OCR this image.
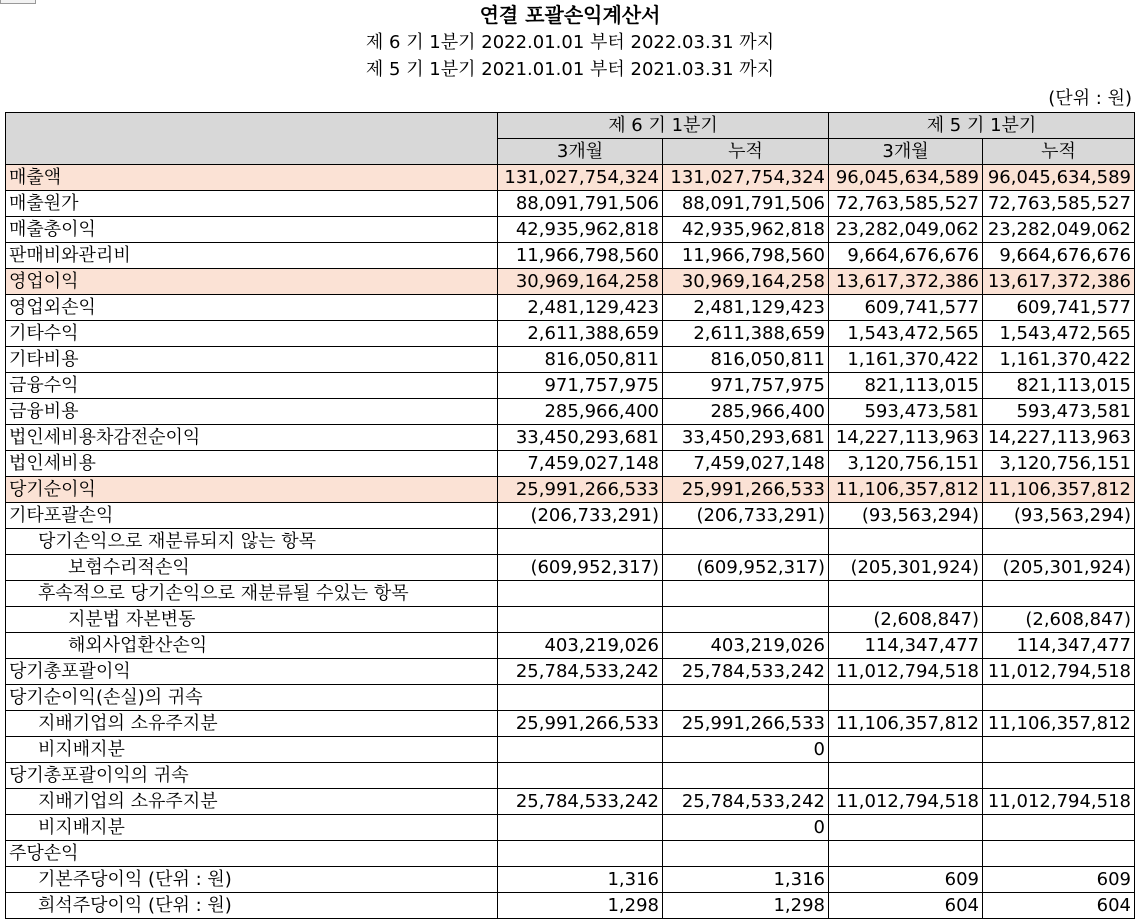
연결 포괄손익계산서
제 6 기 1분기 2022.01.01 부터 2022.03.31 까지
제 5 기 1분기 2021.01.01 부터 2021.03.31 까지
(단위 : 원)
	제 6 기 1분기		제 5 기 1분기	
	3개월	누적	3개월	누적
매출액	131,027,754,324	131,027,754,324	96,045,634,589	96,045,634,589
매출원가	88,091,791,506	88,091,791,506	72,763,585,527	72,763,585,527
매출총이익	42,935,962,818	42,935,962,818	23,282,049,062	23,282,049,062
판매비와관리비	11,966,798,560	11,966,798,560	9,664,676,676	9,664,676,676
영업이익	30,969,164,258	30,969,164,258	13,617,372,386	13,617,372,386
영업외손익	2,481,129,423	2,481,129,423	609,741,577	609,741,577
기타수익	2,611,388,659	2,611,388,659	1,543,472,565	1,543,472,565
기타비용	816,050,811	816,050,811	1,161,370,422	1,161,370,422
금융수익	971,757,975	971,757,975	821,113,015	821,113,015
금융비용	285,966,400	285,966,400	593,473,581	593,473,581
법인세비용차감전순이익	33,450,293,681	33,450,293,681	14,227,113,963	14,227,113,963
법인세비용	7,459,027,148	7,459,027,148	3,120,756,151	3,120,756,151
당기순이익	25,991,266,533	25,991,266,533	11,106,357,812	11,106,357,812
기타포괄손익	(206,733,291)	(206,733,291)	(93,563,294)	(93,563,294)
당기손익으로 재분류되지 않는 항목				
보험수리적손익	(609,952,317)	(609,952,317)	(205,301,924)	(205,301,924)
후속적으로 당기손익으로 재분류될 수있는 항목				
지분법 자본변동			(2,608,847)	(2,608,847)
해외사업환산손익	403,219,026	403,219,026	114,347,477	114,347,477
당기총포괄이익	25,784,533,242	25,784,533,242	11,012,794,518	11,012,794,518
당기순이익(손실)의 귀속				
지배기업의 소유주지분	25,991,266,533	25,991,266,533	11,106,357,812	11,106,357,812
비지배지분		0		
당기총포괄이익의 귀속				
지배기업의 소유주지분	25,784,533,242	25,784,533,242	11,012,794,518	11,012,794,518
비지배지분		0		
주당손익				
기본주당이익 (단위 : 원)	1,316	1,316	609	609
희석주당이익 (단위 : 원)	1,298	1,298	604	604
